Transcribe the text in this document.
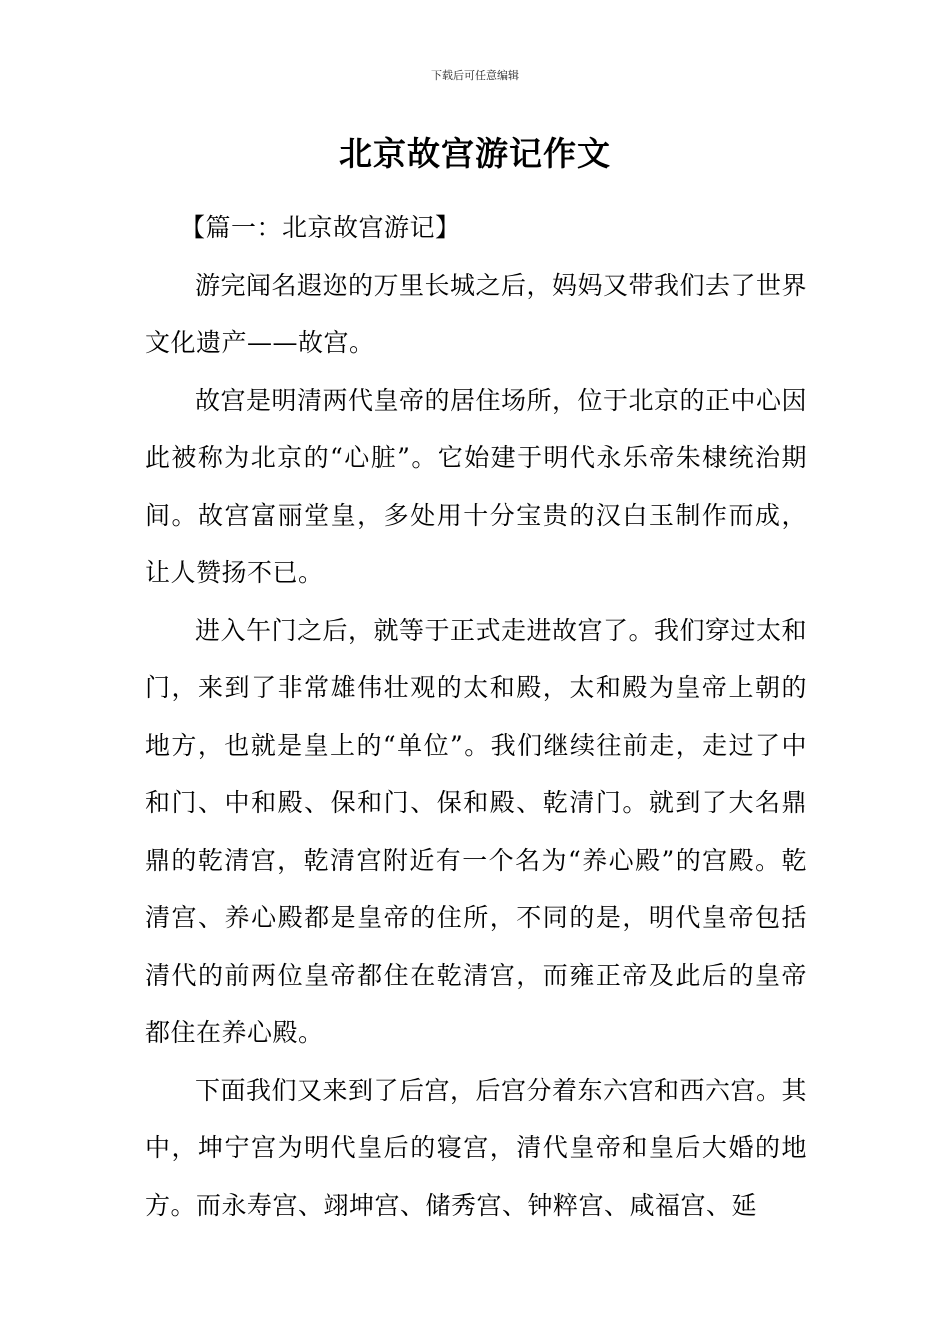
下载后可任意编辑
北京故宫游记作文
【篇一：北京故宫游记】

游完闻名遐迩的万里长城之后，妈妈又带我们去了世界文化遗产——故宫。

故宫是明清两代皇帝的居住场所，位于北京的正中心因此被称为北京的“心脏”。它始建于明代永乐帝朱棣统治期间。故宫富丽堂皇，多处用十分宝贵的汉白玉制作而成，让人赞扬不已。

进入午门之后，就等于正式走进故宫了。我们穿过太和门，来到了非常雄伟壮观的太和殿，太和殿为皇帝上朝的地方，也就是皇上的“单位”。我们继续往前走，走过了中和门、中和殿、保和门、保和殿、乾清门。就到了大名鼎鼎的乾清宫，乾清宫附近有一个名为“养心殿”的宫殿。乾清宫、养心殿都是皇帝的住所，不同的是，明代皇帝包括清代的前两位皇帝都住在乾清宫，而雍正帝及此后的皇帝都住在养心殿。

下面我们又来到了后宫，后宫分着东六宫和西六宫。其中，坤宁宫为明代皇后的寝宫，清代皇帝和皇后大婚的地方。而永寿宫、翊坤宫、储秀宫、钟粹宫、咸福宫、延
